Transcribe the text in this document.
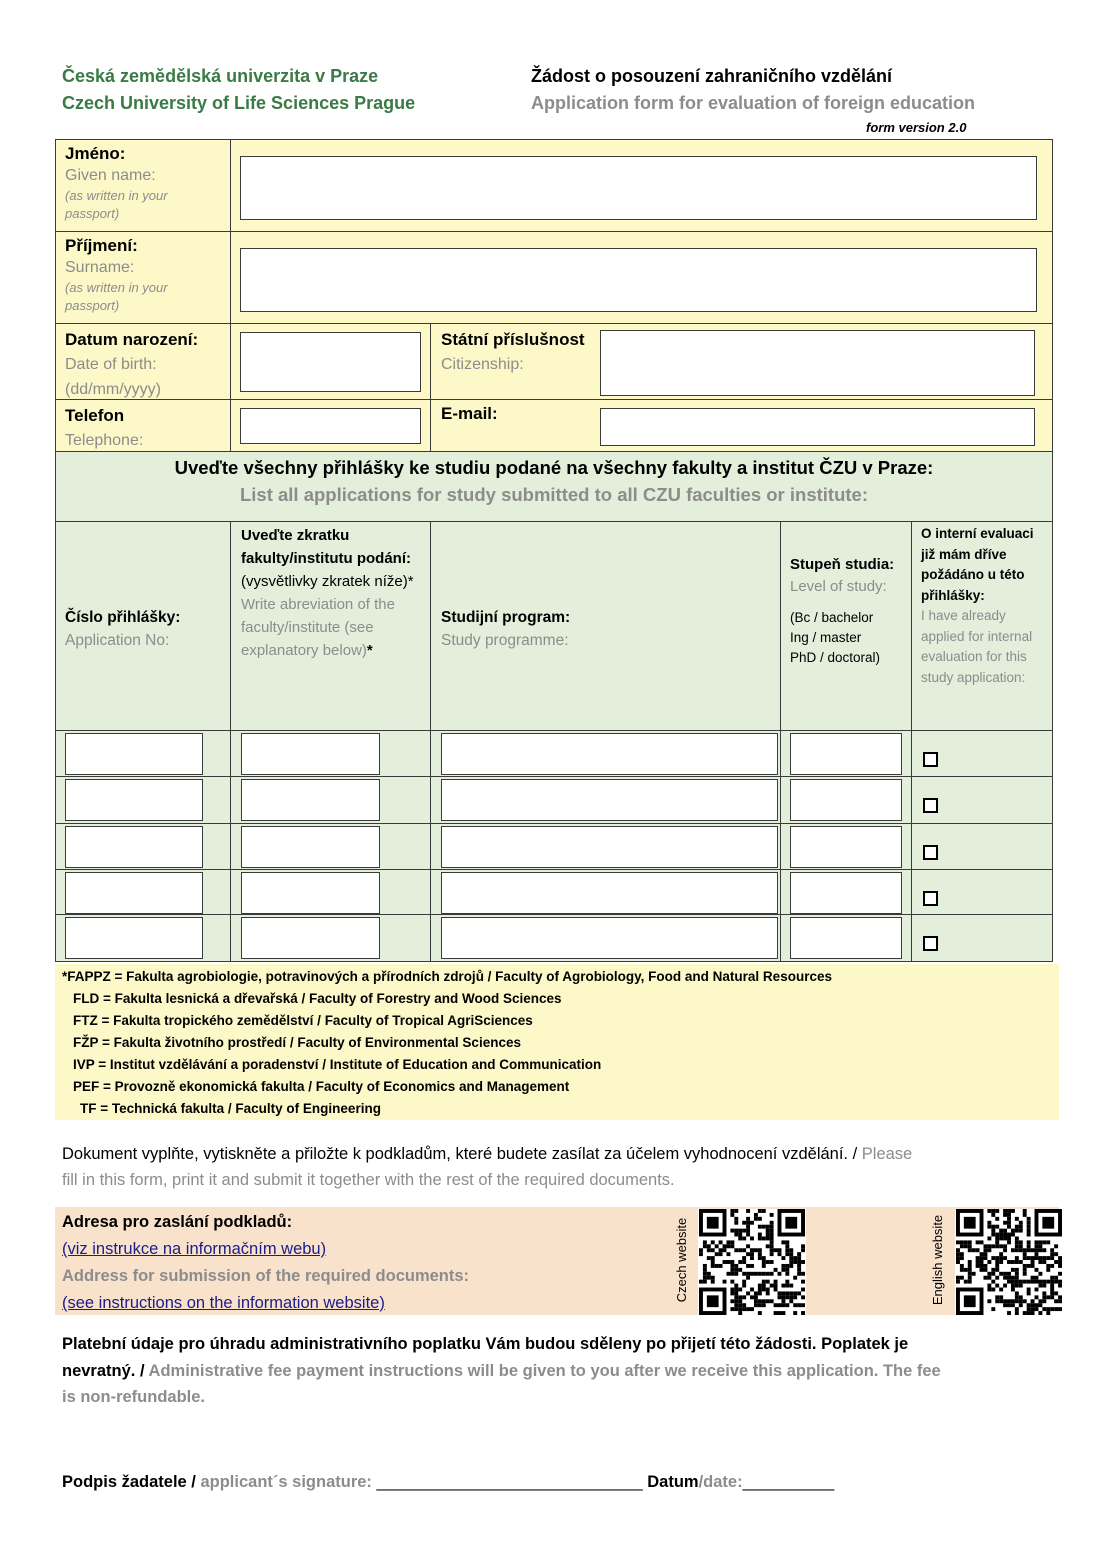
Česká zemědělská univerzita v Praze
Czech University of Life Sciences Prague
Žádost o posouzení zahraničního vzdělání
Application form for evaluation of foreign education
form version 2.0
Jméno:
Given name:
(as written in your passport)
Příjmení:
Surname:
(as written in your passport)
Datum narození:
Date of birth:
(dd/mm/yyyy)
Státní příslušnost
Citizenship:
Telefon
Telephone:
E-mail:
Uveďte všechny přihlášky ke studiu podané na všechny fakulty a institut ČZU v Praze:
List all applications for study submitted to all CZU faculties or institute:
Číslo přihlášky:
Application No:
Uveďte zkratku fakulty/institutu podání:
(vysvětlivky zkratek níže)*
Write abreviation of the faculty/institute (see explanatory below)*
Studijní program:
Study programme:
Stupeň studia:
Level of study:
(Bc / bachelor
Ing / master
PhD / doctoral)
O interní evaluaci již mám dříve požádáno u této přihlášky:
I have already applied for internal evaluation for this study application:
*FAPPZ = Fakulta agrobiologie, potravinových a přírodních zdrojů / Faculty of Agrobiology, Food and Natural Resources
FLD = Fakulta lesnická a dřevařská / Faculty of Forestry and Wood Sciences
FTZ = Fakulta tropického zemědělství / Faculty of Tropical AgriSciences
FŽP = Fakulta životního prostředí / Faculty of Environmental Sciences
IVP = Institut vzdělávání a poradenství / Institute of Education and Communication
PEF = Provozně ekonomická fakulta / Faculty of Economics and Management
TF = Technická fakulta / Faculty of Engineering
Dokument vyplňte, vytiskněte a přiložte k podkladům, které budete zasílat za účelem vyhodnocení vzdělání. / Please
fill in this form, print it and submit it together with the rest of the required documents.
Adresa pro zaslání podkladů:
(viz instrukce na informačním webu)
Address for submission of the required documents:
(see instructions on the information website)
Czech website	English website
Platební údaje pro úhradu administrativního poplatku Vám budou sděleny po přijetí této žádosti. Poplatek je
nevratný. / Administrative fee payment instructions will be given to you after we receive this application. The fee
is non-refundable.
Podpis žadatele / applicant´s signature: _____________________________ Datum/date:__________
